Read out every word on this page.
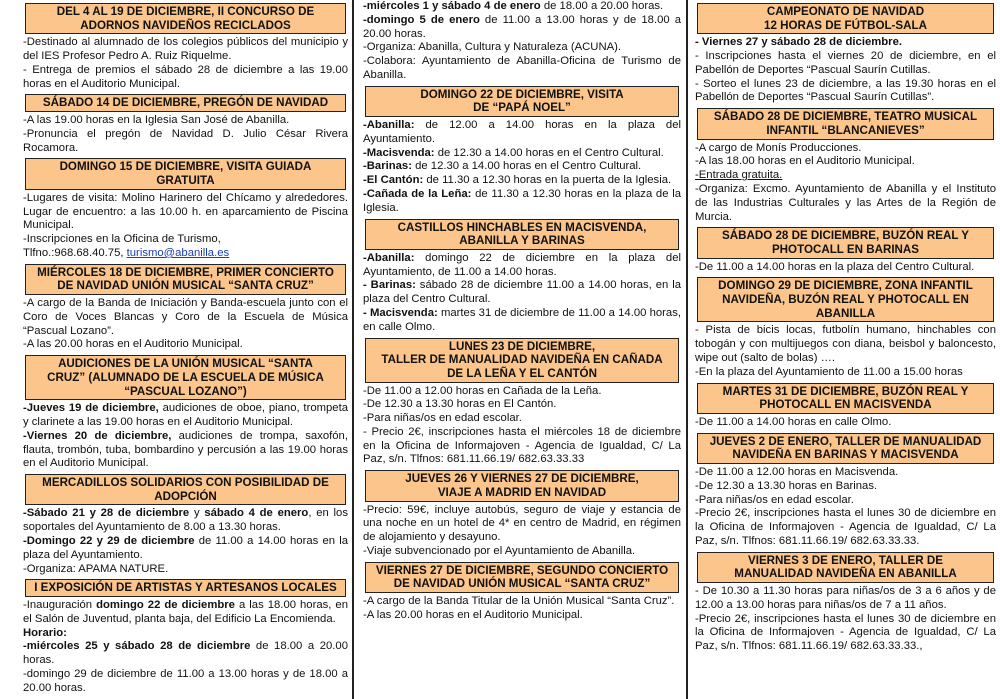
DEL 4 AL 19 DE DICIEMBRE, II CONCURSO DE
ADORNOS NAVIDEÑOS RECICLADOS

-Destinado al alumnado de los colegios públicos del municipio y del IES Profesor Pedro A. Ruiz Riquelme.

- Entrega de premios el sábado 28 de diciembre a las 19.00 horas en el Auditorio Municipal.

SÁBADO 14 DE DICIEMBRE, PREGÓN DE NAVIDAD

-A las 19.00 horas en la Iglesia San José de Abanilla.

-Pronuncia el pregón de Navidad D. Julio César Rivera Rocamora.

DOMINGO 15 DE DICIEMBRE, VISITA GUIADA
GRATUITA

-Lugares de visita: Molino Harinero del Chícamo y alrededores. Lugar de encuentro: a las 10.00 h. en aparcamiento de Piscina Municipal.

-Inscripciones en la Oficina de Turismo,

Tlfno.:968.68.40.75, turismo@abanilla.es

MIÉRCOLES 18 DE DICIEMBRE, PRIMER CONCIERTO
DE NAVIDAD UNIÓN MUSICAL “SANTA CRUZ”

-A cargo de la Banda de Iniciación y Banda-escuela junto con el Coro de Voces Blancas y Coro de la Escuela de Música “Pascual Lozano”.

-A las 20.00 horas en el Auditorio Municipal.

AUDICIONES DE LA UNIÓN MUSICAL “SANTA
CRUZ” (ALUMNADO DE LA ESCUELA DE MÚSICA
“PASCUAL LOZANO”)

-Jueves 19 de diciembre, audiciones de oboe, piano, trompeta y clarinete a las 19.00 horas en el Auditorio Municipal.

-Viernes 20 de diciembre, audiciones de trompa, saxofón, flauta, trombón, tuba, bombardino y percusión a las 19.00 horas en el Auditorio Municipal.

MERCADILLOS SOLIDARIOS CON POSIBILIDAD DE
ADOPCIÓN

-Sábado 21 y 28 de diciembre y sábado 4 de enero, en los soportales del Ayuntamiento de 8.00 a 13.30 horas.

-Domingo 22 y 29 de diciembre de 11.00 a 14.00 horas en la plaza del Ayuntamiento.

-Organiza: APAMA NATURE.

I EXPOSICIÓN DE ARTISTAS Y ARTESANOS LOCALES

-Inauguración domingo 22 de diciembre a las 18.00 horas, en el Salón de Juventud, planta baja, del Edificio La Encomienda.

Horario:

-miércoles 25 y sábado 28 de diciembre de 18.00 a 20.00 horas.

-domingo 29 de diciembre de 11.00 a 13.00 horas y de 18.00 a 20.00 horas.

-miércoles 1 y sábado 4 de enero de 18.00 a 20.00 horas.

-domingo 5 de enero de 11.00 a 13.00 horas y de 18.00 a 20.00 horas.

-Organiza: Abanilla, Cultura y Naturaleza (ACUNA).

-Colabora: Ayuntamiento de Abanilla-Oficina de Turismo de Abanilla.

DOMINGO 22 DE DICIEMBRE, VISITA
DE “PAPÁ NOEL”

-Abanilla: de 12.00 a 14.00 horas en la plaza del Ayuntamiento.

-Macisvenda: de 12.30 a 14.00 horas en el Centro Cultural.

-Barinas: de 12.30 a 14.00 horas en el Centro Cultural.

-El Cantón: de 11.30 a 12.30 horas en la puerta de la Iglesia.

-Cañada de la Leña: de 11.30 a 12.30 horas en la plaza de la Iglesia.

CASTILLOS HINCHABLES EN MACISVENDA,
ABANILLA Y BARINAS

-Abanilla: domingo 22 de diciembre en la plaza del Ayuntamiento, de 11.00 a 14.00 horas.

- Barinas: sábado 28 de diciembre 11.00 a 14.00 horas, en la plaza del Centro Cultural.

- Macisvenda: martes 31 de diciembre de 11.00 a 14.00 horas, en calle Olmo.

LUNES 23 DE DICIEMBRE,
TALLER DE MANUALIDAD NAVIDEÑA EN CAÑADA
DE LA LEÑA Y EL CANTÓN

-De 11.00 a 12.00 horas en Cañada de la Leña.

-De 12.30 a 13.30 horas en El Cantón.

-Para niñas/os en edad escolar.

- Precio 2€, inscripciones hasta el miércoles 18 de diciembre en la Oficina de Informajoven - Agencia de Igualdad, C/ La Paz, s/n. Tlfnos: 681.11.66.19/ 682.63.33.33

JUEVES 26 Y VIERNES 27 DE DICIEMBRE,
VIAJE A MADRID EN NAVIDAD

-Precio: 59€, incluye autobús, seguro de viaje y estancia de una noche en un hotel de 4* en centro de Madrid, en régimen de alojamiento y desayuno.

-Viaje subvencionado por el Ayuntamiento de Abanilla.

VIERNES 27 DE DICIEMBRE, SEGUNDO CONCIERTO
DE NAVIDAD UNIÓN MUSICAL “SANTA CRUZ”

-A cargo de la Banda Titular de la Unión Musical “Santa Cruz”.

-A las 20.00 horas en el Auditorio Municipal.

CAMPEONATO DE NAVIDAD
12 HORAS DE FÚTBOL-SALA

- Viernes 27 y sábado 28 de diciembre.

- Inscripciones hasta el viernes 20 de diciembre, en el Pabellón de Deportes “Pascual Saurín Cutillas.

- Sorteo el lunes 23 de diciembre, a las 19.30 horas en el Pabellón de Deportes “Pascual Saurín Cutillas”.

SÁBADO 28 DE DICIEMBRE, TEATRO MUSICAL
INFANTIL “BLANCANIEVES”

-A cargo de Monís Producciones.

-A las 18.00 horas en el Auditorio Municipal.

-Entrada gratuita.

-Organiza: Excmo. Ayuntamiento de Abanilla y el Instituto de las Industrias Culturales y las Artes de la Región de Murcia.

SÁBADO 28 DE DICIEMBRE, BUZÓN REAL Y
PHOTOCALL EN BARINAS

-De 11.00 a 14.00 horas en la plaza del Centro Cultural.

DOMINGO 29 DE DICIEMBRE, ZONA INFANTIL
NAVIDEÑA, BUZÓN REAL Y PHOTOCALL EN
ABANILLA

- Pista de bicis locas, futbolín humano, hinchables con tobogán y con multijuegos con diana, beisbol y baloncesto, wipe out (salto de bolas) ….

-En la plaza del Ayuntamiento de 11.00 a 15.00 horas

MARTES 31 DE DICIEMBRE, BUZÓN REAL Y
PHOTOCALL EN MACISVENDA

-De 11.00 a 14.00 horas en calle Olmo.

JUEVES 2 DE ENERO, TALLER DE MANUALIDAD
NAVIDEÑA EN BARINAS Y MACISVENDA

-De 11.00 a 12.00 horas en Macisvenda.

-De 12.30 a 13.30 horas en Barinas.

-Para niñas/os en edad escolar.

-Precio 2€, inscripciones hasta el lunes 30 de diciembre en la Oficina de Informajoven - Agencia de Igualdad, C/ La Paz, s/n. Tlfnos: 681.11.66.19/ 682.63.33.33.

VIERNES 3 DE ENERO, TALLER DE
MANUALIDAD NAVIDEÑA EN ABANILLA

- De 10.30 a 11.30 horas para niñas/os de 3 a 6 años y de 12.00 a 13.00 horas para niñas/os de 7 a 11 años.

-Precio 2€, inscripciones hasta el lunes 30 de diciembre en la Oficina de Informajoven - Agencia de Igualdad, C/ La Paz, s/n. Tlfnos: 681.11.66.19/ 682.63.33.33.,
